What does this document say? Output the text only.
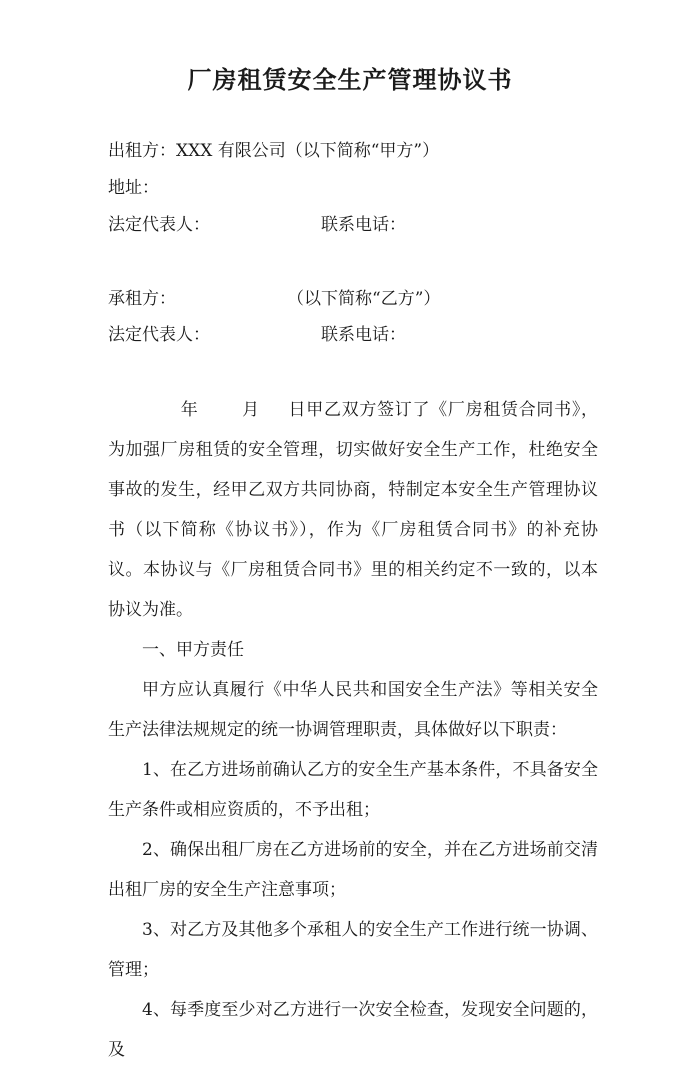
厂房租赁安全生产管理协议书
出租方：XXX 有限公司（以下简称“甲方”）
地址：
法定代表人：	联系电话：
承租方：	（以下简称“乙方”）
法定代表人：	联系电话：

年	月 日甲乙双方签订了《厂房租赁合同书》，为加强厂房租赁的安全管理，切实做好安全生产工作，杜绝安全事故的发生，经甲乙双方共同协商，特制定本安全生产管理协议书（以下简称《协议书》），作为《厂房租赁合同书》的补充协议。本协议与《厂房租赁合同书》里的相关约定不一致的，以本协议为准。

一、甲方责任

甲方应认真履行《中华人民共和国安全生产法》等相关安全生产法律法规规定的统一协调管理职责，具体做好以下职责：

1、在乙方进场前确认乙方的安全生产基本条件，不具备安全生产条件或相应资质的，不予出租；

2、确保出租厂房在乙方进场前的安全，并在乙方进场前交清出租厂房的安全生产注意事项；

3、对乙方及其他多个承租人的安全生产工作进行统一协调、管理；

4、每季度至少对乙方进行一次安全检查，发现安全问题的，及
